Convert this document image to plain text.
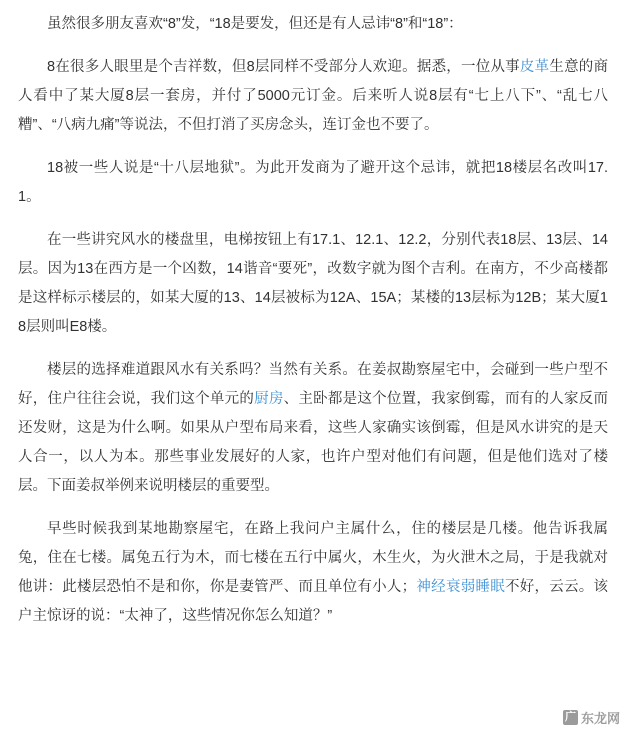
虽然很多朋友喜欢“8”发，“18是要发，但还是有人忌讳“8”和“18”：

8在很多人眼里是个吉祥数，但8层同样不受部分人欢迎。据悉，一位从事皮革生意的商人看中了某大厦8层一套房，并付了5000元订金。后来听人说8层有“七上八下”、“乱七八糟”、“八病九痛”等说法，不但打消了买房念头，连订金也不要了。

18被一些人说是“十八层地狱”。为此开发商为了避开这个忌讳，就把18楼层名改叫17.1。

在一些讲究风水的楼盘里，电梯按钮上有17.1、12.1、12.2，分别代表18层、13层、14层。因为13在西方是一个凶数，14谐音“要死”，改数字就为图个吉利。在南方，不少高楼都是这样标示楼层的，如某大厦的13、14层被标为12A、15A；某楼的13层标为12B；某大厦18层则叫E8楼。

楼层的选择难道跟风水有关系吗？当然有关系。在姜叔勘察屋宅中，会碰到一些户型不好，住户往往会说，我们这个单元的厨房、主卧都是这个位置，我家倒霉，而有的人家反而还发财，这是为什么啊。如果从户型布局来看，这些人家确实该倒霉，但是风水讲究的是天人合一，以人为本。那些事业发展好的人家，也许户型对他们有问题，但是他们选对了楼层。下面姜叔举例来说明楼层的重要型。

早些时候我到某地勘察屋宅，在路上我问户主属什么，住的楼层是几楼。他告诉我属兔，住在七楼。属兔五行为木，而七楼在五行中属火，木生火，为火泄木之局，于是我就对他讲：此楼层恐怕不是和你，你是妻管严、而且单位有小人；神经衰弱睡眠不好，云云。该户主惊讶的说：“太神了，这些情况你怎么知道？”

广 东龙网
